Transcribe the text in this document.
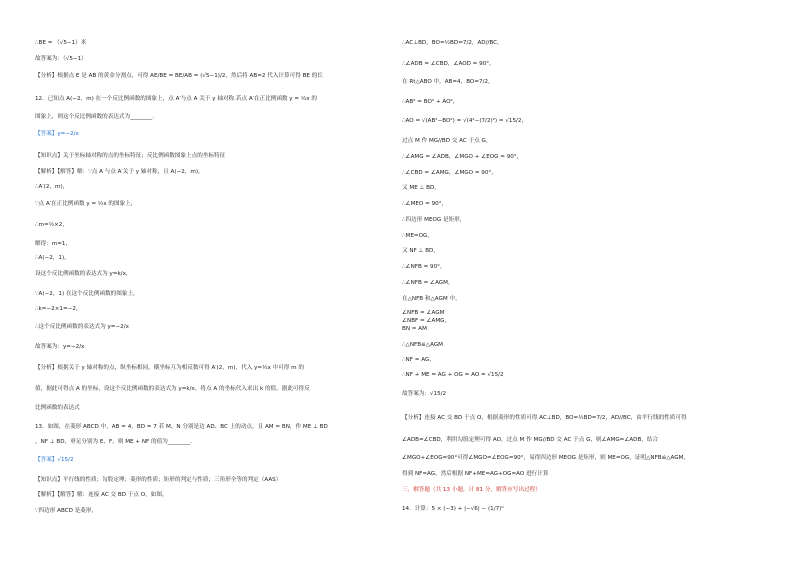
∴BE = （√5−1）米
故答案为：（√5−1）
【分析】根据点 E 是 AB 的黄金分割点，可得 AE/BE = BE/AB = (√5−1)/2，然后将 AB=2 代入计算可得 BE 的长
12．已知点 A(−2，m) 在一个反比例函数的图象上，点 A′与点 A 关于 y 轴对称.若点 A′在正比例函数 y = ½x 的
图象上，则这个反比例函数的表达式为________.
【答案】y=−2/x
【知识点】关于坐标轴对称的点的坐标特征；反比例函数图象上点的坐标特征
【解析】【解答】解：∵点 A 与点 A′关于 y 轴对称，且 A(−2，m)，
∴A′(2，m)，
∵点 A′在正比例函数 y = ½x 的图象上，
∴m=½×2，
解得：m=1，
∴A(−2，1)，
设这个反比例函数的表达式为 y=k/x，
∵A(−2，1) 在这个反比例函数的图象上，
∴k=−2×1=−2，
∴这个反比例函数的表达式为 y=−2/x
故答案为：y=−2/x
【分析】根据关于 y 轴对称的点，纵坐标相同，横坐标互为相反数可得 A′(2，m)，代入 y=½x 中可得 m 的
值，据此可得点 A 的坐标，设这个反比例函数的表达式为 y=k/x，将点 A 的坐标代入求出 k 的值，据此可得反
比例函数的表达式
13．如图，在菱形 ABCD 中，AB = 4，BD = 7 若 M、N 分别是边 AD、BC 上的动点，且 AM = BN，作 ME ⊥ BD
，NF ⊥ BD，垂足分别为 E、F，则 ME + NF 的值为________.
【答案】√15/2
【知识点】平行线的性质；勾股定理；菱形的性质；矩形的判定与性质；三角形全等的判定（AAS）
【解析】【解答】解：连接 AC 交 BD 于点 O，如图，
∵四边形 ABCD 是菱形，
∴AC⊥BD，BO=½BD=7/2，AD//BC，
∴∠ADB = ∠CBD，∠AOD = 90°，
在 Rt△ABO 中，AB=4，BO=7/2，
∴AB² = BO² + AO²，
∴AO = √(AB²−BO²) = √(4²−(7/2)²) = √15/2，
过点 M 作 MG//BD 交 AC 于点 G，
∴∠AMG = ∠ADB，∠MGO + ∠EOG = 90°，
∴∠CBD = ∠AMG，∠MGO = 90°，
又 ME ⊥ BD，
∴∠MEO = 90°，
∴四边形 MEOG 是矩形，
∴ME=OG，
又 NF ⊥ BD，
∴∠NFB = 90°，
∴∠NFB = ∠AGM，
在△NFB 和△AGM 中，
∠NFB = ∠AGM
∠NBF = ∠AMG，
BN = AM
∴△NFB≌△AGM
∴NF = AG，
∴NF + ME = AG + OG = AO = √15/2
故答案为：√15/2
【分析】连接 AC 交 BD 于点 O，根据菱形的性质可得 AC⊥BD，BO=½BD=7/2，AD//BC，由平行线的性质可得
∠ADB=∠CBD，利用勾股定理可得 AO，过点 M 作 MG//BD 交 AC 于点 G，则∠AMG=∠ADB，结合
∠MGO+∠EOG=90°可得∠MGO=∠EOG=90°，易得四边形 MEOG 是矩形，则 ME=OG，证明△NFB≌△AGM，
得到 NF=AG，然后根据 NF+ME=AG+OG=AO 进行计算
三、解答题（共 13 小题，计 81 分，解答应写出过程）
14．计算：5 × (−3) + |−√6| − (1/7)⁰
